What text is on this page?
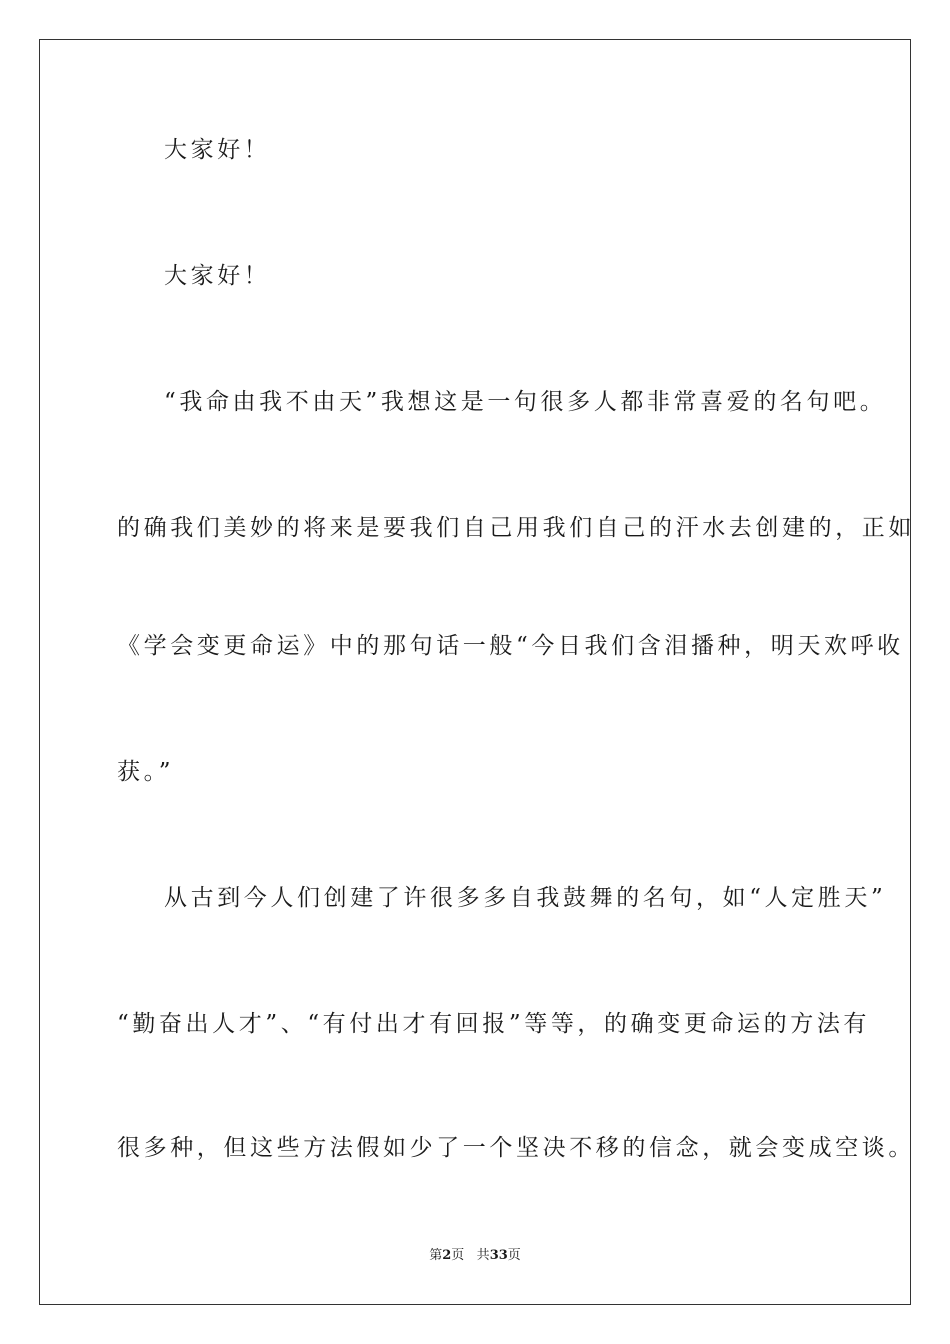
大家好！
大家好！
“我命由我不由天”我想这是一句很多人都非常喜爱的名句吧。
的确我们美妙的将来是要我们自己用我们自己的汗水去创建的，正如
《学会变更命运》中的那句话一般“今日我们含泪播种，明天欢呼收
获。”
从古到今人们创建了许很多多自我鼓舞的名句，如“人定胜天”
“勤奋出人才”、“有付出才有回报”等等，的确变更命运的方法有
很多种，但这些方法假如少了一个坚决不移的信念，就会变成空谈。
第2页 共33页
